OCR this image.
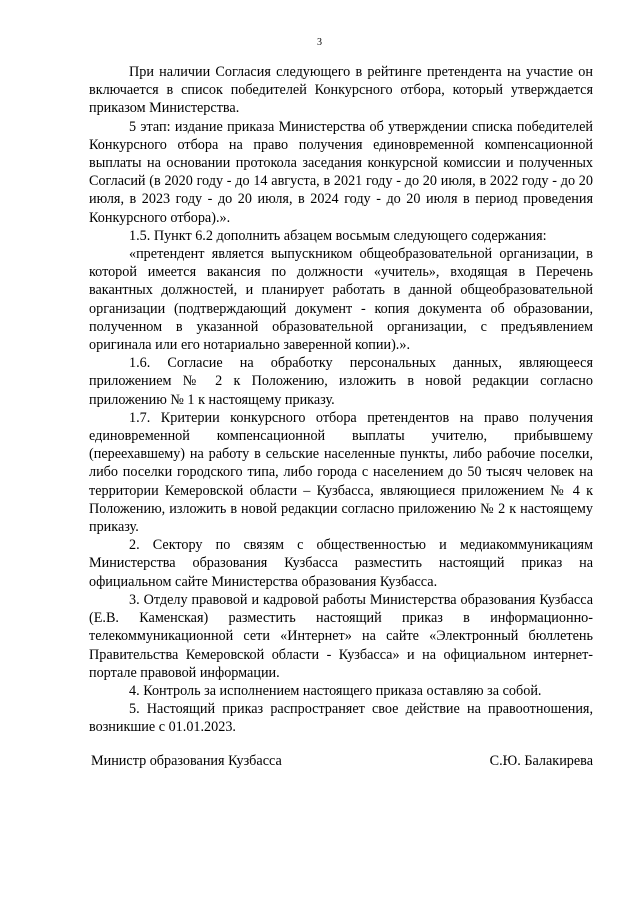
3

При наличии Согласия следующего в рейтинге претендента на участие он включается в список победителей Конкурсного отбора, который утверждается приказом Министерства.

5 этап: издание приказа Министерства об утверждении списка победителей Конкурсного отбора на право получения единовременной компенсационной выплаты на основании протокола заседания конкурсной комиссии и полученных Согласий (в 2020 году - до 14 августа, в 2021 году - до 20 июля, в 2022 году - до 20 июля, в 2023 году - до 20 июля, в 2024 году - до 20 июля в период проведения Конкурсного отбора).».

1.5. Пункт 6.2 дополнить абзацем восьмым следующего содержания:

«претендент является выпускником общеобразовательной организации, в которой имеется вакансия по должности «учитель», входящая в Перечень вакантных должностей, и планирует работать в данной общеобразовательной организации (подтверждающий документ - копия документа об образовании, полученном в указанной образовательной организации, с предъявлением оригинала или его нотариально заверенной копии).».

1.6. Согласие на обработку персональных данных, являющееся приложением № 2 к Положению, изложить в новой редакции согласно приложению № 1 к настоящему приказу.

1.7. Критерии конкурсного отбора претендентов на право получения единовременной компенсационной выплаты учителю, прибывшему (переехавшему) на работу в сельские населенные пункты, либо рабочие поселки, либо поселки городского типа, либо города с населением до 50 тысяч человек на территории Кемеровской области – Кузбасса, являющиеся приложением № 4 к Положению, изложить в новой редакции согласно приложению № 2 к настоящему приказу.

2. Сектору по связям с общественностью и медиакоммуникациям Министерства образования Кузбасса разместить настоящий приказ на официальном сайте Министерства образования Кузбасса.

3. Отделу правовой и кадровой работы Министерства образования Кузбасса (Е.В. Каменская) разместить настоящий приказ в информационно-телекоммуникационной сети «Интернет» на сайте «Электронный бюллетень Правительства Кемеровской области - Кузбасса» и на официальном интернет-портале правовой информации.

4. Контроль за исполнением настоящего приказа оставляю за собой.

5. Настоящий приказ распространяет свое действие на правоотношения, возникшие с 01.01.2023.

Министр образования Кузбасса	С.Ю. Балакирева
